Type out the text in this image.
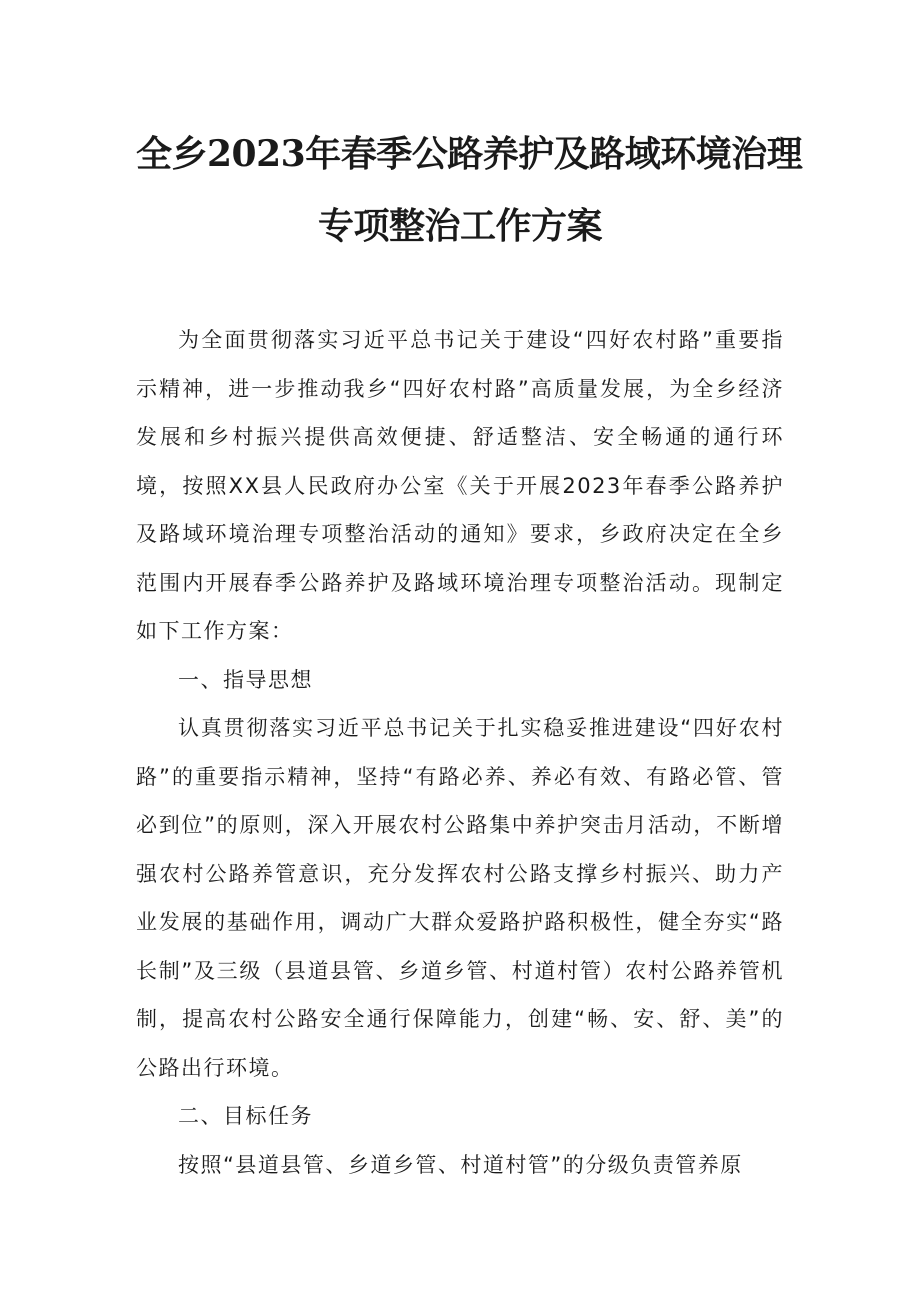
全乡2023年春季公路养护及路域环境治理
专项整治工作方案

为全面贯彻落实习近平总书记关于建设“四好农村路”重要指示精神，进一步推动我乡“四好农村路”高质量发展，为全乡经济发展和乡村振兴提供高效便捷、舒适整洁、安全畅通的通行环境，按照XX县人民政府办公室《关于开展2023年春季公路养护及路域环境治理专项整治活动的通知》要求，乡政府决定在全乡范围内开展春季公路养护及路域环境治理专项整治活动。现制定如下工作方案：

一、指导思想

认真贯彻落实习近平总书记关于扎实稳妥推进建设“四好农村路”的重要指示精神，坚持“有路必养、养必有效、有路必管、管必到位”的原则，深入开展农村公路集中养护突击月活动，不断增强农村公路养管意识，充分发挥农村公路支撑乡村振兴、助力产业发展的基础作用，调动广大群众爱路护路积极性，健全夯实“路长制”及三级（县道县管、乡道乡管、村道村管）农村公路养管机制，提高农村公路安全通行保障能力，创建“畅、安、舒、美”的公路出行环境。

二、目标任务

按照“县道县管、乡道乡管、村道村管”的分级负责管养原
